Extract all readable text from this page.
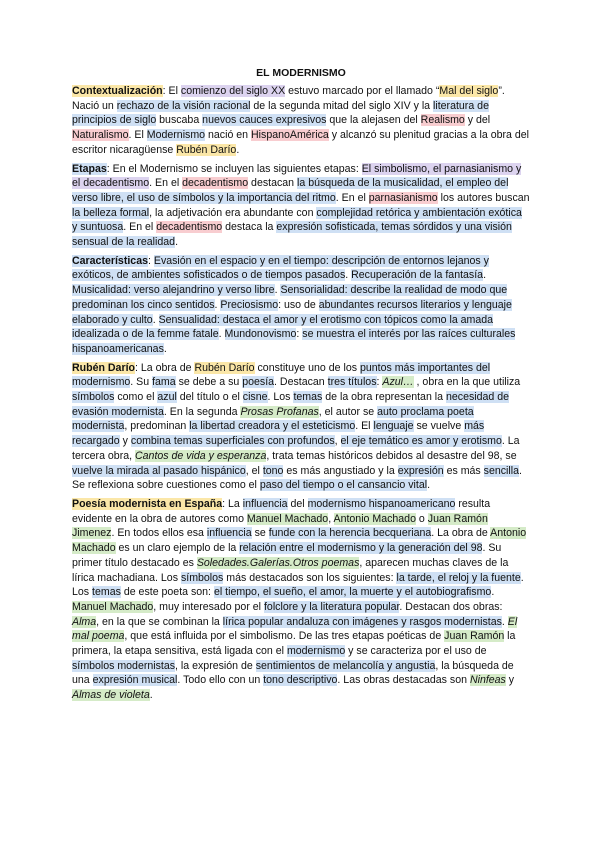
EL MODERNISMO

Contextualización: El comienzo del siglo XX estuvo marcado por el llamado “Mal del siglo”. Nació un rechazo de la visión racional de la segunda mitad del siglo XIV y la literatura de principios de siglo buscaba nuevos cauces expresivos que la alejasen del Realismo y del Naturalismo. El Modernismo nació en HispanoAmérica y alcanzó su plenitud gracias a la obra del escritor nicaragüense Rubén Darío.

Etapas: En el Modernismo se incluyen las siguientes etapas: El simbolismo, el parnasianismo y el decadentismo. En el decadentismo destacan la búsqueda de la musicalidad, el empleo del verso libre, el uso de símbolos y la importancia del ritmo. En el parnasianismo los autores buscan la belleza formal, la adjetivación era abundante con complejidad retórica y ambientación exótica y suntuosa. En el decadentismo destaca la expresión sofisticada, temas sórdidos y una visión sensual de la realidad.

Características: Evasión en el espacio y en el tiempo: descripción de entornos lejanos y exóticos, de ambientes sofisticados o de tiempos pasados. Recuperación de la fantasía. Musicalidad: verso alejandrino y verso libre. Sensorialidad: describe la realidad de modo que predominan los cinco sentidos. Preciosismo: uso de abundantes recursos literarios y lenguaje elaborado y culto. Sensualidad: destaca el amor y el erotismo con tópicos como la amada idealizada o de la femme fatale. Mundonovismo: se muestra el interés por las raíces culturales hispanoamericanas.

Rubén Darío: La obra de Rubén Darío constituye uno de los puntos más importantes del modernismo. Su fama se debe a su poesía. Destacan tres títulos: Azul… , obra en la que utiliza símbolos como el azul del título o el cisne. Los temas de la obra representan la necesidad de evasión modernista. En la segunda Prosas Profanas, el autor se auto proclama poeta modernista, predominan la libertad creadora y el esteticismo. El lenguaje se vuelve más recargado y combina temas superficiales con profundos, el eje temático es amor y erotismo. La tercera obra, Cantos de vida y esperanza, trata temas históricos debidos al desastre del 98, se vuelve la mirada al pasado hispánico, el tono es más angustiado y la expresión es más sencilla. Se reflexiona sobre cuestiones como el paso del tiempo o el cansancio vital.

Poesía modernista en España: La influencia del modernismo hispanoamericano resulta evidente en la obra de autores como Manuel Machado, Antonio Machado o Juan Ramón Jimenez. En todos ellos esa influencia se funde con la herencia becqueriana. La obra de Antonio Machado es un claro ejemplo de la relación entre el modernismo y la generación del 98. Su primer título destacado es Soledades.Galerías.Otros poemas, aparecen muchas claves de la lírica machadiana. Los símbolos más destacados son los siguientes: la tarde, el reloj y la fuente. Los temas de este poeta son: el tiempo, el sueño, el amor, la muerte y el autobiografismo. Manuel Machado, muy interesado por el folclore y la literatura popular. Destacan dos obras: Alma, en la que se combinan la lírica popular andaluza con imágenes y rasgos modernistas. El mal poema, que está influida por el simbolismo. De las tres etapas poéticas de Juan Ramón la primera, la etapa sensitiva, está ligada con el modernismo y se caracteriza por el uso de símbolos modernistas, la expresión de sentimientos de melancolía y angustia, la búsqueda de una expresión musical. Todo ello con un tono descriptivo. Las obras destacadas son Ninfeas y Almas de violeta.
